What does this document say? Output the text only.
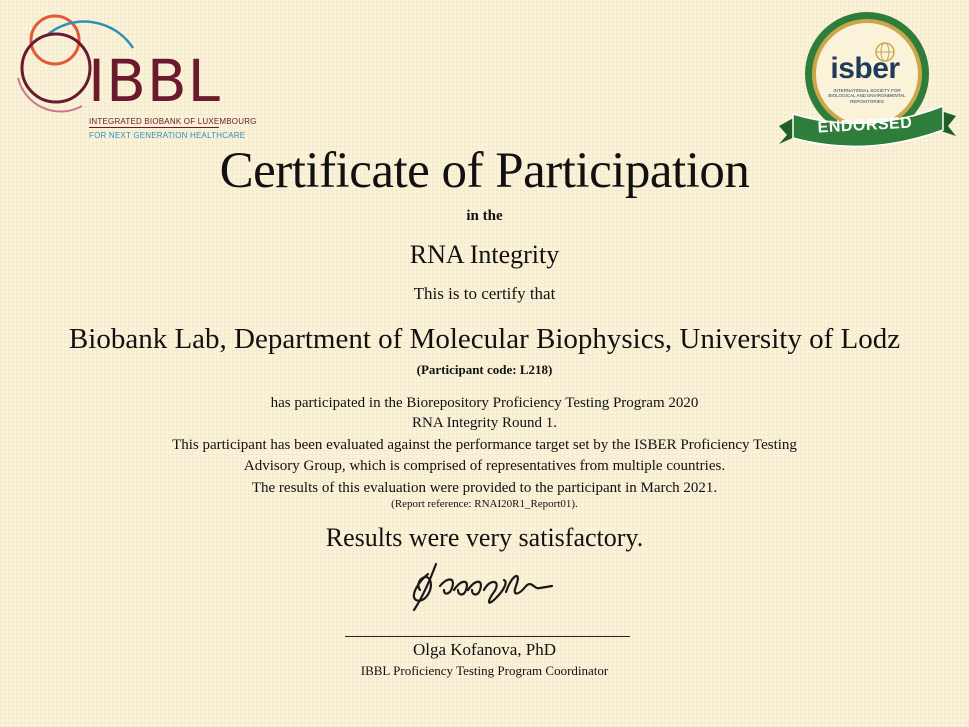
IBBL
INTEGRATED BIOBANK OF LUXEMBOURG
FOR NEXT GENERATION HEALTHCARE
isber
INTERNATIONAL SOCIETY FOR BIOLOGICAL AND ENVIRONMENTAL REPOSITORIES
ENDORSED
Certificate of Participation
in the
RNA Integrity
This is to certify that
Biobank Lab, Department of Molecular Biophysics, University of Lodz
(Participant code: L218)
has participated in the Biorepository Proficiency Testing Program 2020
RNA Integrity Round 1.
This participant has been evaluated against the performance target set by the ISBER Proficiency Testing
Advisory Group, which is comprised of representatives from multiple countries.
The results of this evaluation were provided to the participant in March 2021.
(Report reference: RNAI20R1_Report01).
Results were very satisfactory.
Olga Kofanova, PhD
IBBL Proficiency Testing Program Coordinator
